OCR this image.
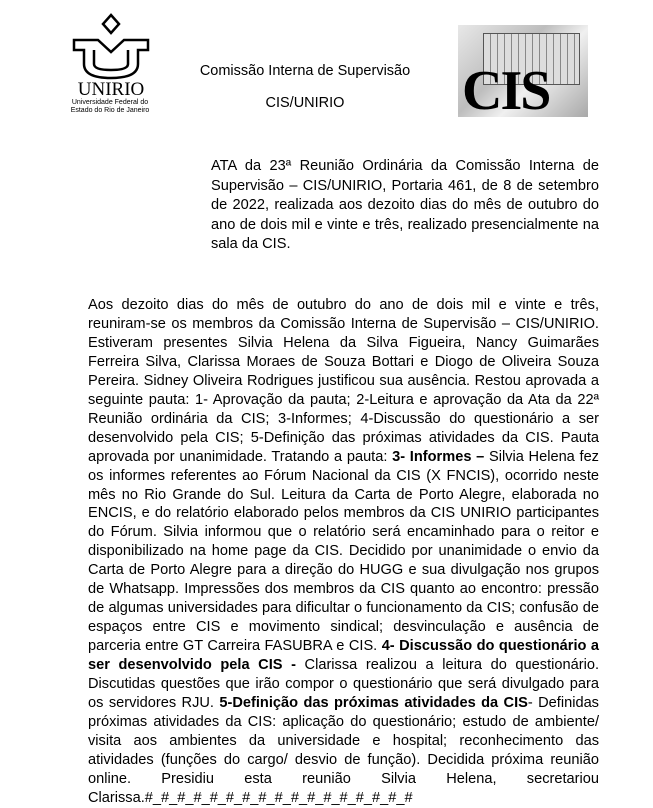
UNIRIO
Universidade Federal do Estado do Rio de Janeiro
Comissão Interna de Supervisão
CIS/UNIRIO	CIS
ATA da 23ª Reunião Ordinária da Comissão Interna de Supervisão – CIS/UNIRIO, Portaria 461, de 8 de setembro de 2022, realizada aos dezoito dias do mês de outubro do ano de dois mil e vinte e três, realizado presencialmente na sala da CIS.
Aos dezoito dias do mês de outubro do ano de dois mil e vinte e três, reuniram-se os membros da Comissão Interna de Supervisão – CIS/UNIRIO. Estiveram presentes Silvia Helena da Silva Figueira, Nancy Guimarães Ferreira Silva, Clarissa Moraes de Souza Bottari e Diogo de Oliveira Souza Pereira. Sidney Oliveira Rodrigues justificou sua ausência. Restou aprovada a seguinte pauta: 1- Aprovação da pauta; 2-Leitura e aprovação da Ata da 22ª Reunião ordinária da CIS; 3-Informes; 4-Discussão do questionário a ser desenvolvido pela CIS; 5-Definição das próximas atividades da CIS. Pauta aprovada por unanimidade. Tratando a pauta: 3- Informes – Silvia Helena fez os informes referentes ao Fórum Nacional da CIS (X FNCIS), ocorrido neste mês no Rio Grande do Sul. Leitura da Carta de Porto Alegre, elaborada no ENCIS, e do relatório elaborado pelos membros da CIS UNIRIO participantes do Fórum. Silvia informou que o relatório será encaminhado para o reitor e disponibilizado na home page da CIS. Decidido por unanimidade o envio da Carta de Porto Alegre para a direção do HUGG e sua divulgação nos grupos de Whatsapp. Impressões dos membros da CIS quanto ao encontro: pressão de algumas universidades para dificultar o funcionamento da CIS; confusão de espaços entre CIS e movimento sindical; desvinculação e ausência de parceria entre GT Carreira FASUBRA e CIS. 4- Discussão do questionário a ser desenvolvido pela CIS - Clarissa realizou a leitura do questionário. Discutidas questões que irão compor o questionário que será divulgado para os servidores RJU. 5-Definição das próximas atividades da CIS- Definidas próximas atividades da CIS: aplicação do questionário; estudo de ambiente/ visita aos ambientes da universidade e hospital; reconhecimento das atividades (funções do cargo/ desvio de função). Decidida próxima reunião online. Presidiu esta reunião Silvia Helena, secretariou Clarissa.#_#_#_#_#_#_#_#_#_#_#_#_#_#_#_#_#
